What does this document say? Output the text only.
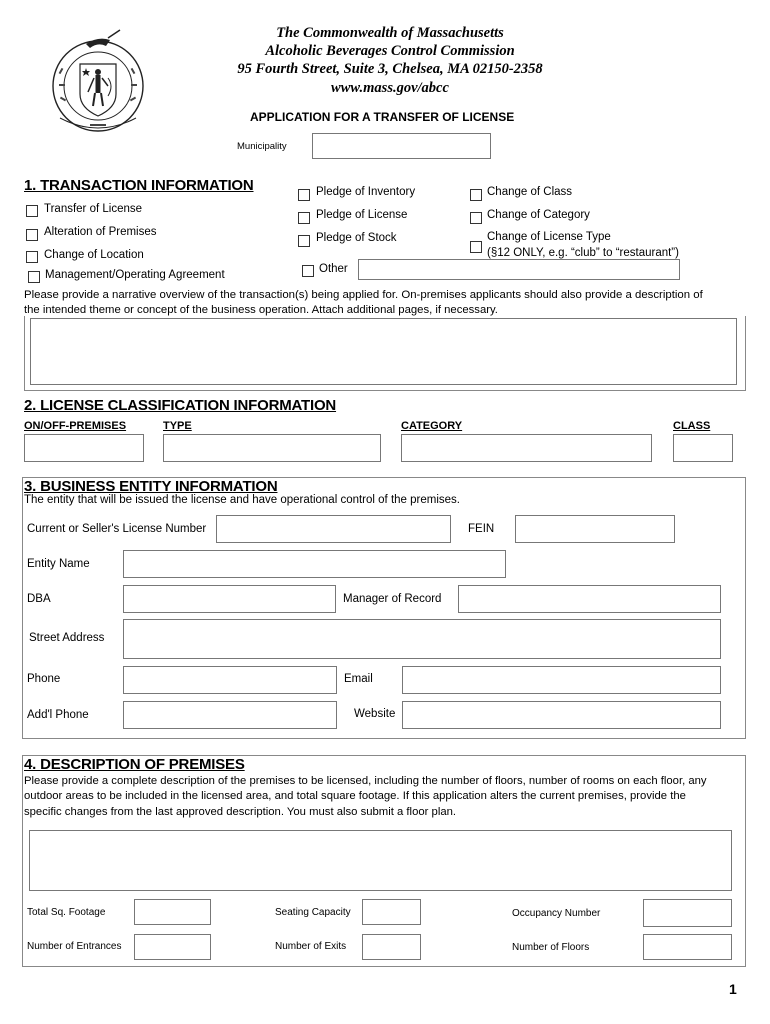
The Commonwealth of Massachusetts
Alcoholic Beverages Control Commission
95 Fourth Street, Suite 3, Chelsea, MA 02150-2358
www.mass.gov/abcc
APPLICATION FOR A TRANSFER OF LICENSE
Municipality
1. TRANSACTION INFORMATION
Transfer of License
Alteration of Premises
Change of Location
Management/Operating Agreement
Pledge of Inventory
Pledge of License
Pledge of Stock
Other
Change of Class
Change of Category
Change of License Type
(§12 ONLY, e.g. “club” to “restaurant”)
Please provide a narrative overview of the transaction(s) being applied for. On-premises applicants should also provide a description of
the intended theme or concept of the business operation. Attach additional pages, if necessary.
2. LICENSE CLASSIFICATION INFORMATION
ON/OFF-PREMISES	TYPE	CATEGORY	CLASS
3. BUSINESS ENTITY INFORMATION
The entity that will be issued the license and have operational control of the premises.
Current or Seller's License Number	FEIN
Entity Name
DBA	Manager of Record
Street Address
Phone	Email
Add'l Phone	Website
4. DESCRIPTION OF PREMISES
Please provide a complete description of the premises to be licensed, including the number of floors, number of rooms on each floor, any
outdoor areas to be included in the licensed area, and total square footage. If this application alters the current premises, provide the
specific changes from the last approved description. You must also submit a floor plan.
Total Sq. Footage	Seating Capacity	Occupancy Number
Number of Entrances	Number of Exits	Number of Floors
1
